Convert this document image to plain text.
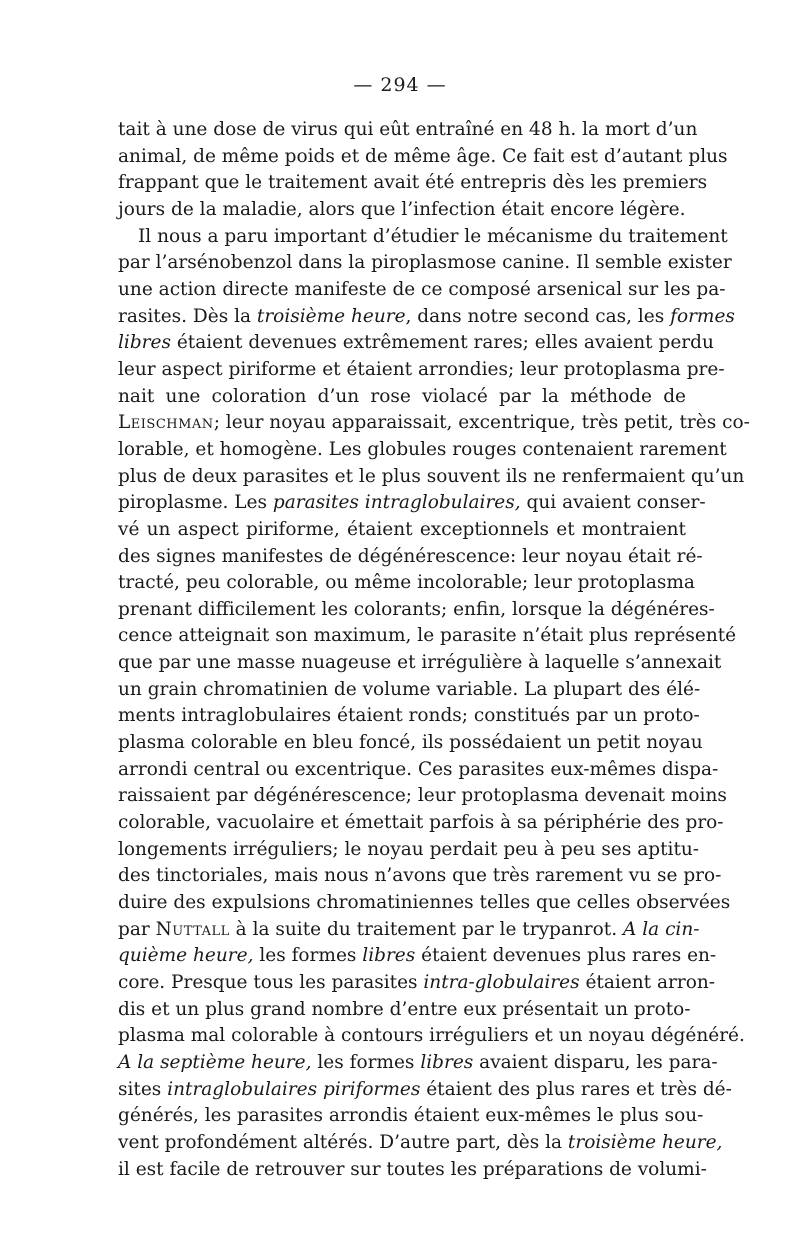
— 294 —
tait à une dose de virus qui eût entraîné en 48 h. la mort d’un
animal, de même poids et de même âge. Ce fait est d’autant plus
frappant que le traitement avait été entrepris dès les premiers
jours de la maladie, alors que l’infection était encore légère.
Il nous a paru important d’étudier le mécanisme du traitement
par l’arsénobenzol dans la piroplasmose canine. Il semble exister
une action directe manifeste de ce composé arsenical sur les pa-
rasites. Dès la troisième heure, dans notre second cas, les formes
libres étaient devenues extrêmement rares; elles avaient perdu
leur aspect piriforme et étaient arrondies; leur protoplasma pre-
nait une coloration d’un rose violacé par la méthode de
Leischman; leur noyau apparaissait, excentrique, très petit, très co-
lorable, et homogène. Les globules rouges contenaient rarement
plus de deux parasites et le plus souvent ils ne renfermaient qu’un
piroplasme. Les parasites intraglobulaires, qui avaient conser-
vé un aspect piriforme, étaient exceptionnels et montraient
des signes manifestes de dégénérescence: leur noyau était ré-
tracté, peu colorable, ou même incolorable; leur protoplasma
prenant difficilement les colorants; enfin, lorsque la dégénéres-
cence atteignait son maximum, le parasite n’était plus représenté
que par une masse nuageuse et irrégulière à laquelle s’annexait
un grain chromatinien de volume variable. La plupart des élé-
ments intraglobulaires étaient ronds; constitués par un proto-
plasma colorable en bleu foncé, ils possédaient un petit noyau
arrondi central ou excentrique. Ces parasites eux-mêmes dispa-
raissaient par dégénérescence; leur protoplasma devenait moins
colorable, vacuolaire et émettait parfois à sa périphérie des pro-
longements irréguliers; le noyau perdait peu à peu ses aptitu-
des tinctoriales, mais nous n’avons que très rarement vu se pro-
duire des expulsions chromatiniennes telles que celles observées
par Nuttall à la suite du traitement par le trypanrot. A la cin-
quième heure, les formes libres étaient devenues plus rares en-
core. Presque tous les parasites intra-globulaires étaient arron-
dis et un plus grand nombre d’entre eux présentait un proto-
plasma mal colorable à contours irréguliers et un noyau dégénéré.
A la septième heure, les formes libres avaient disparu, les para-
sites intraglobulaires piriformes étaient des plus rares et très dé-
générés, les parasites arrondis étaient eux-mêmes le plus sou-
vent profondément altérés. D’autre part, dès la troisième heure,
il est facile de retrouver sur toutes les préparations de volumi-
